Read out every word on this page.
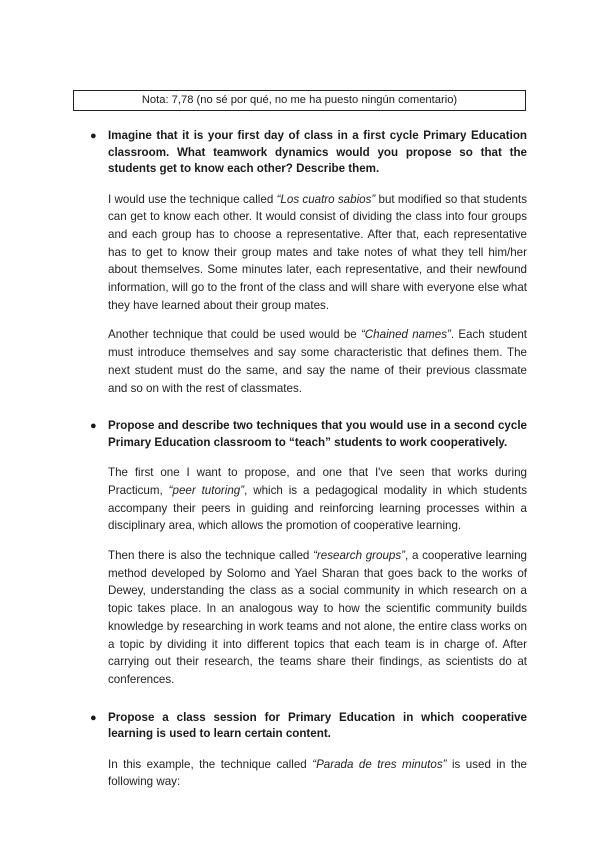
Nota: 7,78 (no sé por qué, no me ha puesto ningún comentario)

● Imagine that it is your first day of class in a first cycle Primary Education classroom. What teamwork dynamics would you propose so that the students get to know each other? Describe them.

I would use the technique called “Los cuatro sabios” but modified so that students can get to know each other. It would consist of dividing the class into four groups and each group has to choose a representative. After that, each representative has to get to know their group mates and take notes of what they tell him/her about themselves. Some minutes later, each representative, and their newfound information, will go to the front of the class and will share with everyone else what they have learned about their group mates.

Another technique that could be used would be “Chained names”. Each student must introduce themselves and say some characteristic that defines them. The next student must do the same, and say the name of their previous classmate and so on with the rest of classmates.

● Propose and describe two techniques that you would use in a second cycle Primary Education classroom to “teach” students to work cooperatively.

The first one I want to propose, and one that I've seen that works during Practicum, “peer tutoring”, which is a pedagogical modality in which students accompany their peers in guiding and reinforcing learning processes within a disciplinary area, which allows the promotion of cooperative learning.

Then there is also the technique called “research groups”, a cooperative learning method developed by Solomo and Yael Sharan that goes back to the works of Dewey, understanding the class as a social community in which research on a topic takes place. In an analogous way to how the scientific community builds knowledge by researching in work teams and not alone, the entire class works on a topic by dividing it into different topics that each team is in charge of. After carrying out their research, the teams share their findings, as scientists do at conferences.

● Propose a class session for Primary Education in which cooperative learning is used to learn certain content.

In this example, the technique called “Parada de tres minutos” is used in the following way:
